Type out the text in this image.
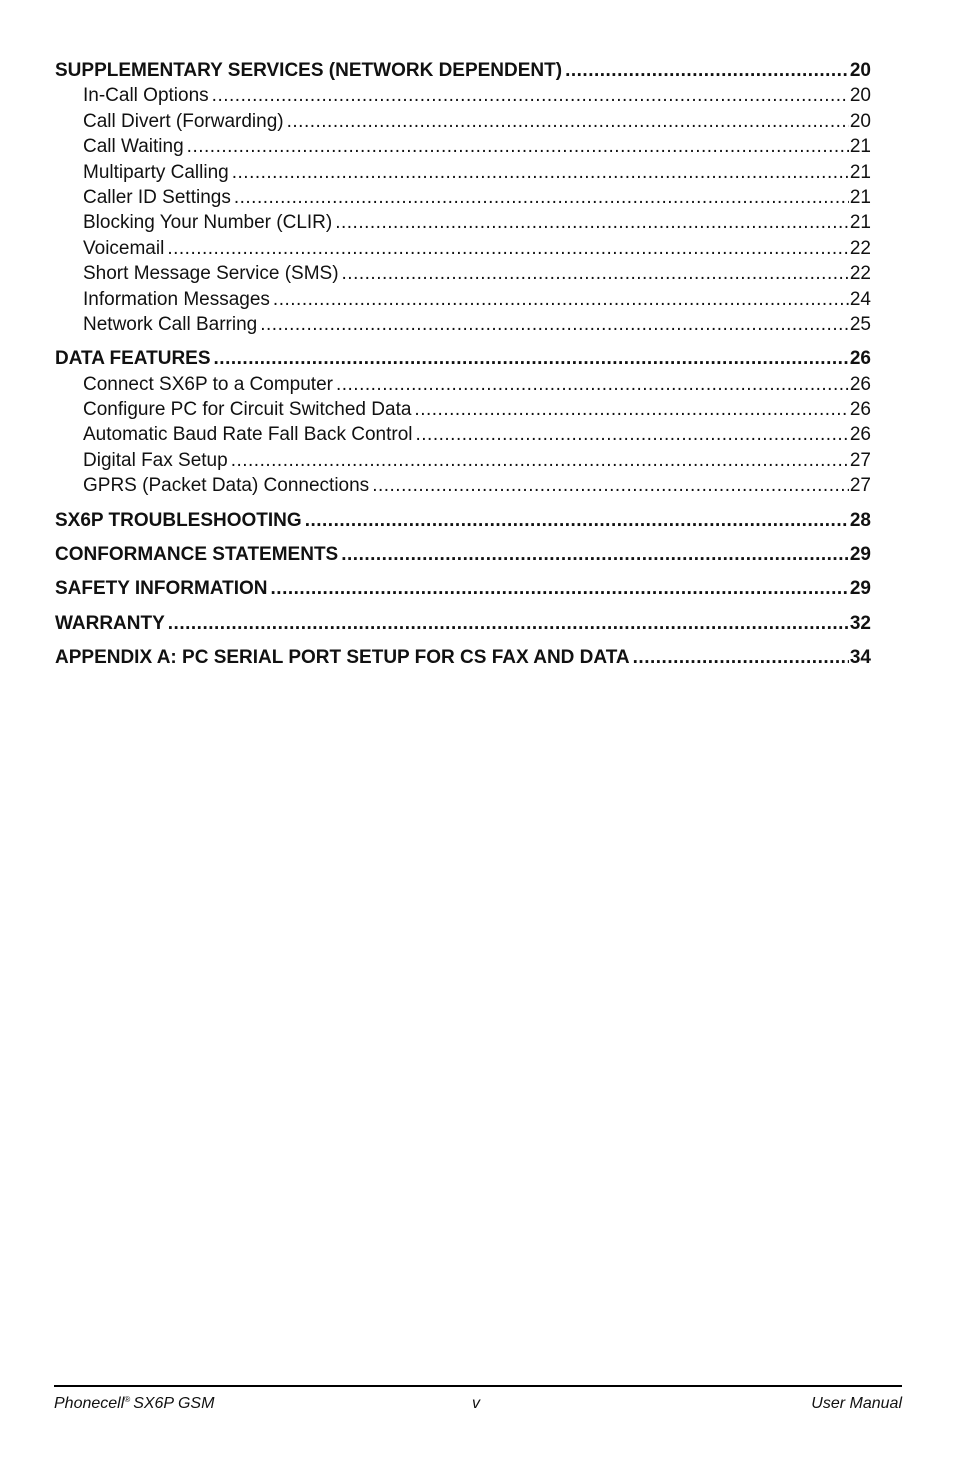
SUPPLEMENTARY SERVICES (NETWORK DEPENDENT) .....	20
In-Call Options .....	20
Call Divert (Forwarding) .....	20
Call Waiting .....	21
Multiparty Calling .....	21
Caller ID Settings .....	21
Blocking Your Number (CLIR) .....	21
Voicemail .....	22
Short Message Service (SMS) .....	22
Information Messages .....	24
Network Call Barring .....	25
DATA FEATURES .....	26
Connect SX6P to a Computer .....	26
Configure PC for Circuit Switched Data .....	26
Automatic Baud Rate Fall Back Control .....	26
Digital Fax Setup .....	27
GPRS (Packet Data) Connections .....	27
SX6P TROUBLESHOOTING .....	28
CONFORMANCE STATEMENTS .....	29
SAFETY INFORMATION .....	29
WARRANTY .....	32
APPENDIX A: PC SERIAL PORT SETUP FOR CS FAX AND DATA .....	34
Phonecell® SX6P GSM	v	User Manual
